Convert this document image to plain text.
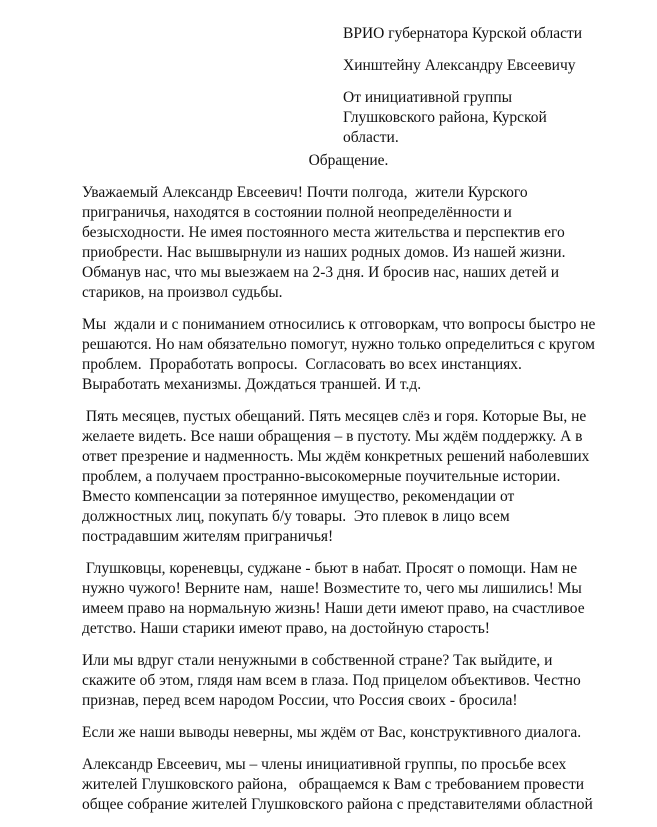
ВРИО губернатора Курской области
Хинштейну Александру Евсеевичу
От инициативной группы
Глушковского района, Курской
области.
Обращение.

Уважаемый Александр Евсеевич! Почти полгода,  жители Курского
приграничья, находятся в состоянии полной неопределённости и
безысходности. Не имея постоянного места жительства и перспектив его
приобрести. Нас вышвырнули из наших родных домов. Из нашей жизни.
Обманув нас, что мы выезжаем на 2-3 дня. И бросив нас, наших детей и
стариков, на произвол судьбы.

Мы  ждали и с пониманием относились к отговоркам, что вопросы быстро не
решаются. Но нам обязательно помогут, нужно только определиться с кругом
проблем.  Проработать вопросы.  Согласовать во всех инстанциях.
Выработать механизмы. Дождаться траншей. И т.д.

Пять месяцев, пустых обещаний. Пять месяцев слёз и горя. Которые Вы, не
желаете видеть. Все наши обращения – в пустоту. Мы ждём поддержку. А в
ответ презрение и надменность. Мы ждём конкретных решений наболевших
проблем, а получаем пространно-высокомерные поучительные истории.
Вместо компенсации за потерянное имущество, рекомендации от
должностных лиц, покупать б/у товары.  Это плевок в лицо всем
пострадавшим жителям приграничья!

Глушковцы, кореневцы, суджане - бьют в набат. Просят о помощи. Нам не
нужно чужого! Верните нам,  наше! Возместите то, чего мы лишились! Мы
имеем право на нормальную жизнь! Наши дети имеют право, на счастливое
детство. Наши старики имеют право, на достойную старость!

Или мы вдруг стали ненужными в собственной стране? Так выйдите, и
скажите об этом, глядя нам всем в глаза. Под прицелом объективов. Честно
признав, перед всем народом России, что Россия своих - бросила!

Если же наши выводы неверны, мы ждём от Вас, конструктивного диалога.

Александр Евсеевич, мы – члены инициативной группы, по просьбе всех
жителей Глушковского района,   обращаемся к Вам с требованием провести
общее собрание жителей Глушковского района с представителями областной
